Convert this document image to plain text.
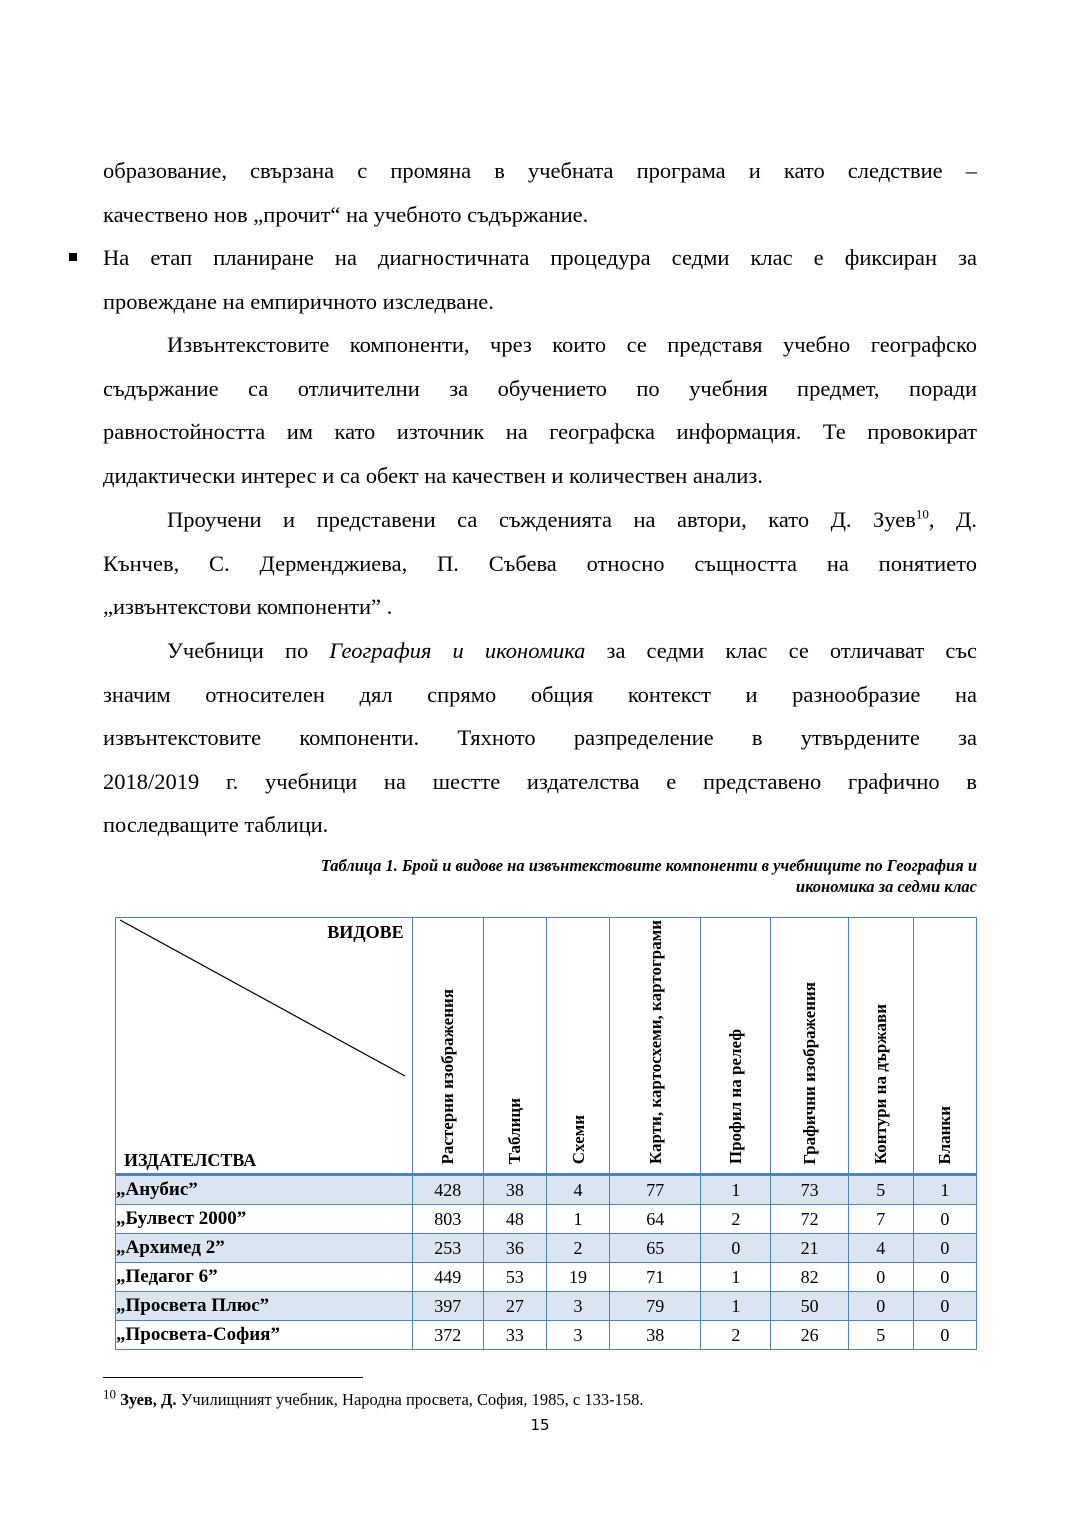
образование, свързана с промяна в учебната програма и като следствие –
качествено нов „прочит“ на учебното съдържание.
На етап планиране на диагностичната процедура седми клас е фиксиран за
провеждане на емпиричното изследване.
Извънтекстовите компоненти, чрез които се представя учебно географско
съдържание са отличителни за обучението по учебния предмет, поради
равностойността им като източник на географска информация. Те провокират
дидактически интерес и са обект на качествен и количествен анализ.
Проучени и представени са съжденията на автори, като Д. Зуев$^{10}$, Д.
Кънчев, С. Дерменджиева, П. Събева относно същността на понятието
„извънтекстови компоненти” .
Учебници по География и икономика за седми клас се отличават със
значим относителен дял спрямо общия контекст и разнообразие на
извънтекстовите компоненти. Тяхното разпределение в утвърдените за
2018/2019 г. учебници на шестте издателства е представено графично в
последващите таблици.
Таблица 1. Брой и видове на извънтекстовите компоненти в учебниците по География и
икономика за седми клас
ВИДОВЕ
ИЗДАТЕЛСТВА	Растерни изображения	Таблици	Схеми	Карти, картосхеми, картограми	Профил на релеф	Графични изображения	Контури на държави	Бланки
„Анубис”	428	38	4	77	1	73	5	1
„Булвест 2000”	803	48	1	64	2	72	7	0
„Архимед 2”	253	36	2	65	0	21	4	0
„Педагог 6”	449	53	19	71	1	82	0	0
„Просвета Плюс”	397	27	3	79	1	50	0	0
„Просвета-София”	372	33	3	38	2	26	5	0
$^{10}$ Зуев, Д. Училищният учебник, Народна просвета, София, 1985, с 133-158.
15
